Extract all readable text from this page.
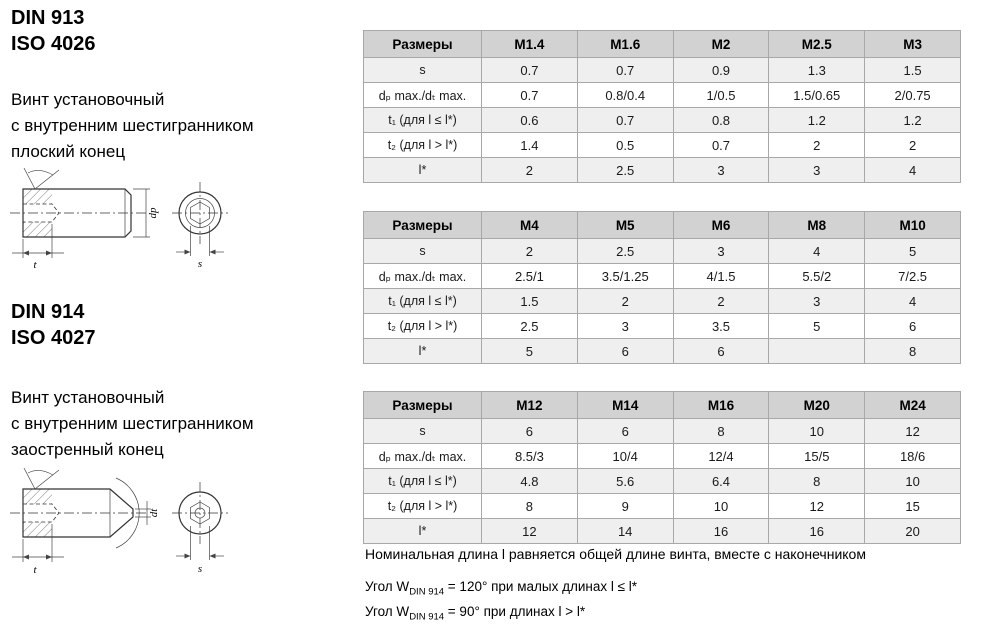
DIN 913
ISO 4026
Винт установочный
с внутренним шестигранником
плоский конец
t
dp
s
DIN 914
ISO 4027
Винт установочный
с внутренним шестигранником
заостренный конец
t
dt
s
Размеры	M1.4	M1.6	M2	M2.5	M3
s	0.7	0.7	0.9	1.3	1.5
dₚ max./dₜ max.	0.7	0.8/0.4	1/0.5	1.5/0.65	2/0.75
t₁ (для l ≤ l*)	0.6	0.7	0.8	1.2	1.2
t₂ (для l > l*)	1.4	0.5	0.7	2	2
l*	2	2.5	3	3	4
Размеры	M4	M5	M6	M8	M10
s	2	2.5	3	4	5
dₚ max./dₜ max.	2.5/1	3.5/1.25	4/1.5	5.5/2	7/2.5
t₁ (для l ≤ l*)	1.5	2	2	3	4
t₂ (для l > l*)	2.5	3	3.5	5	6
l*	5	6	6		8
Размеры	M12	M14	M16	M20	M24
s	6	6	8	10	12
dₚ max./dₜ max.	8.5/3	10/4	12/4	15/5	18/6
t₁ (для l ≤ l*)	4.8	5.6	6.4	8	10
t₂ (для l > l*)	8	9	10	12	15
l*	12	14	16	16	20
Номинальная длина l равняется общей длине винта, вместе с наконечником
Угол $W_{DIN 914} = 120^\circ$ при малых длинах l ≤ l*
Угол $W_{DIN 914} = 90^\circ$ при длинах l > l*
